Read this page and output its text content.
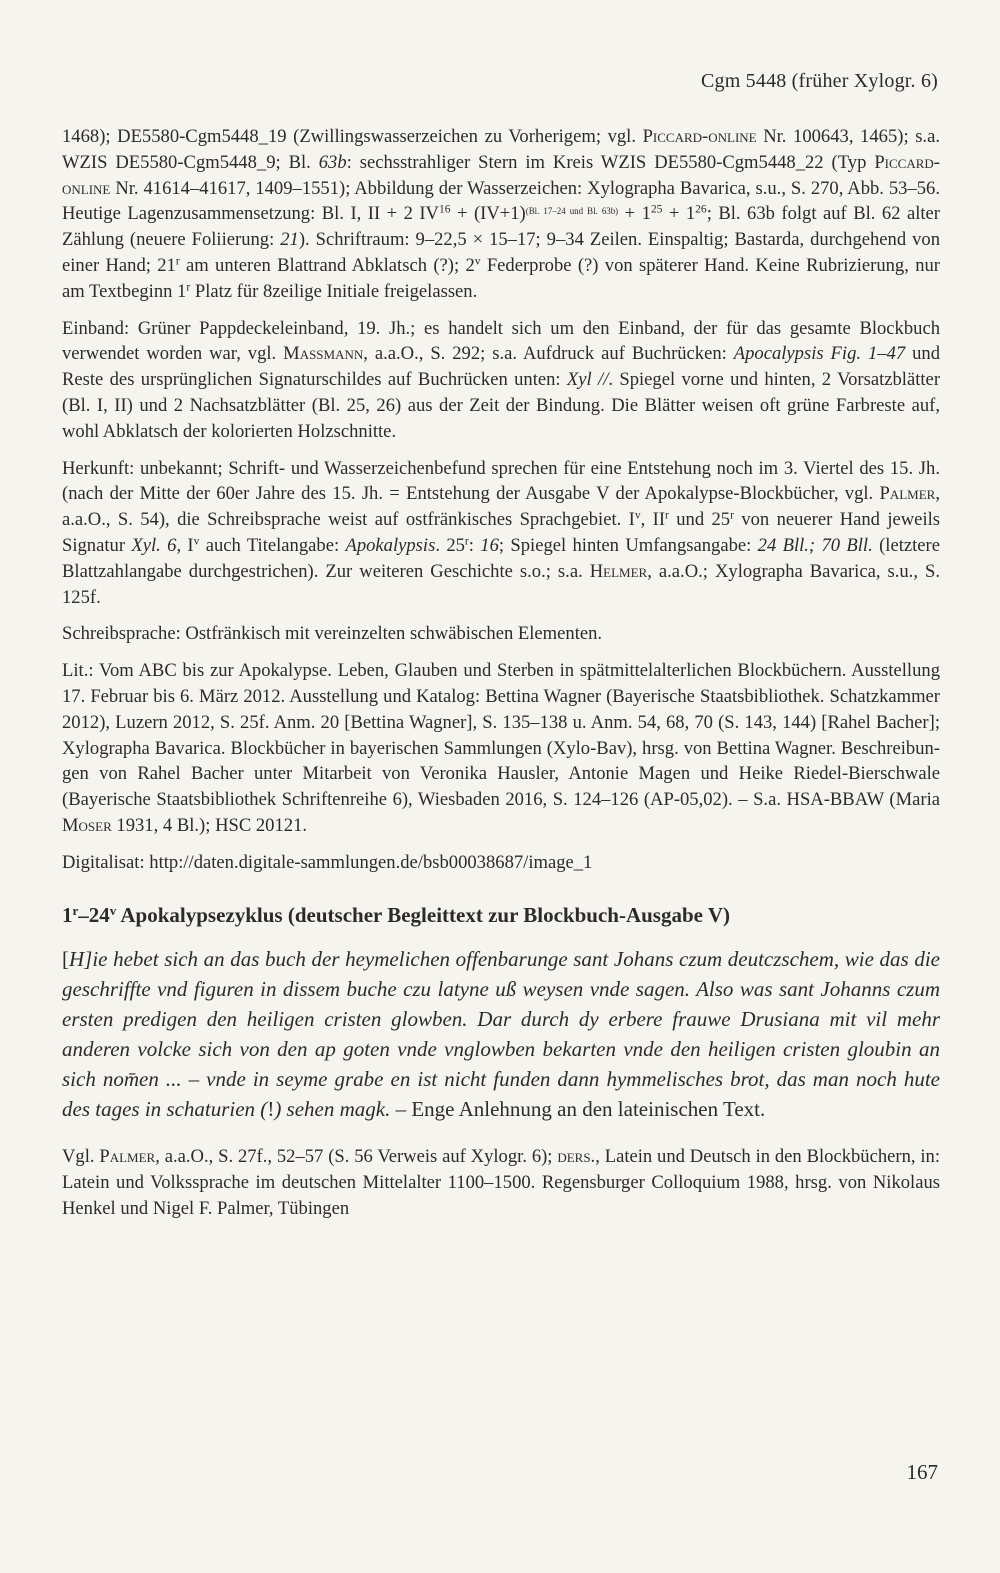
Cgm 5448 (früher Xylogr. 6)

1468); DE5580-Cgm5448_19 (Zwillingswasserzeichen zu Vorherigem; vgl. Piccard-online Nr. 100643, 1465); s.a. WZIS DE5580-Cgm5448_9; Bl. 63b: sechsstrahliger Stern im Kreis WZIS DE5580-Cgm5448_22 (Typ Piccard-online Nr. 41614–41617, 1409–1551); Abbildung der Wasserzeichen: Xylographa Bavarica, s.u., S. 270, Abb. 53–56. Heutige Lagenzusammensetzung: Bl. I, II + 2 $IV^{16} + (IV+1)^{(Bl. 17-24 und Bl. 63b)} + 1^{25} + 1^{26}$; Bl. 63b folgt auf Bl. 62 alter Zählung (neuere Foliierung: 21). Schriftraum: 9–22,5 × 15–17; 9–34 Zeilen. Einspaltig; Bastarda, durchgehend von einer Hand; 21$^r$ am unteren Blattrand Abklatsch (?); 2$^v$ Federprobe (?) von späterer Hand. Keine Rubrizierung, nur am Textbeginn 1$^r$ Platz für 8zeilige Initiale freigelassen.

Einband: Grüner Pappdeckeleinband, 19. Jh.; es handelt sich um den Einband, der für das gesamte Blockbuch verwendet worden war, vgl. Massmann, a.a.O., S. 292; s.a. Aufdruck auf Buchrücken: Apocalypsis Fig. 1–47 und Reste des ursprünglichen Signaturschildes auf Buchrücken unten: Xyl //. Spiegel vorne und hinten, 2 Vorsatzblätter (Bl. I, II) und 2 Nachsatzblätter (Bl. 25, 26) aus der Zeit der Bindung. Die Blätter weisen oft grüne Farbreste auf, wohl Abklatsch der kolorierten Holzschnitte.

Herkunft: unbekannt; Schrift- und Wasserzeichenbefund sprechen für eine Entstehung noch im 3. Viertel des 15. Jh. (nach der Mitte der 60er Jahre des 15. Jh. = Entstehung der Ausgabe V der Apokalypse-Blockbücher, vgl. Palmer, a.a.O., S. 54), die Schreibsprache weist auf ostfränkisches Sprachgebiet. $I^v$, $II^r$ und 25$^r$ von neuerer Hand jeweils Signatur Xyl. 6, $I^v$ auch Titelangabe: Apokalypsis. 25$^r$: 16; Spiegel hinten Umfangsangabe: 24 Bll.; 70 Bll. (letztere Blattzahlangabe durchgestrichen). Zur weiteren Geschichte s.o.; s.a. Helmer, a.a.O.; Xylographa Bavarica, s.u., S. 125f.

Schreibsprache: Ostfränkisch mit vereinzelten schwäbischen Elementen.

Lit.: Vom ABC bis zur Apokalypse. Leben, Glauben und Sterben in spätmittelalterlichen Blockbüchern. Ausstellung 17. Februar bis 6. März 2012. Ausstellung und Katalog: Bettina Wagner (Bayerische Staatsbibliothek. Schatzkammer 2012), Luzern 2012, S. 25f. Anm. 20 [Bettina Wagner], S. 135–138 u. Anm. 54, 68, 70 (S. 143, 144) [Rahel Bacher]; Xylographa Bavarica. Blockbücher in bayerischen Sammlungen (Xylo-Bav), hrsg. von Bettina Wagner. Beschreibungen von Rahel Bacher unter Mitarbeit von Veronika Hausler, Antonie Magen und Heike Riedel-Bierschwale (Bayerische Staatsbibliothek Schriftenreihe 6), Wiesbaden 2016, S. 124–126 (AP-05,02). – S.a. HSA-BBAW (Maria Moser 1931, 4 Bl.); HSC 20121.

Digitalisat: http://daten.digitale-sammlungen.de/bsb00038687/image_1

1$^r$–24$^v$ Apokalypsezyklus (deutscher Begleittext zur Blockbuch-Ausgabe V)

[H]ie hebet sich an das buch der heymelichen offenbarunge sant Johans czum deutczschem, wie das die geschriffte vnd figuren in dissem buche czu latyne uß weysen vnde sagen. Also was sant Johanns czum ersten predigen den heiligen cristen glowben. Dar durch dy erbere frauwe Drusiana mit vil mehr anderen volcke sich von den ap goten vnde vnglowben bekarten vnde den heiligen cristen gloubin an sich nom̄en ... – vnde in seyme grabe en ist nicht funden dann hymmelisches brot, das man noch hute des tages in schaturien (!) sehen magk. – Enge Anlehnung an den lateinischen Text.

Vgl. Palmer, a.a.O., S. 27f., 52–57 (S. 56 Verweis auf Xylogr. 6); ders., Latein und Deutsch in den Blockbüchern, in: Latein und Volkssprache im deutschen Mittelalter 1100–1500. Regensburger Colloquium 1988, hrsg. von Nikolaus Henkel und Nigel F. Palmer, Tübingen

167
